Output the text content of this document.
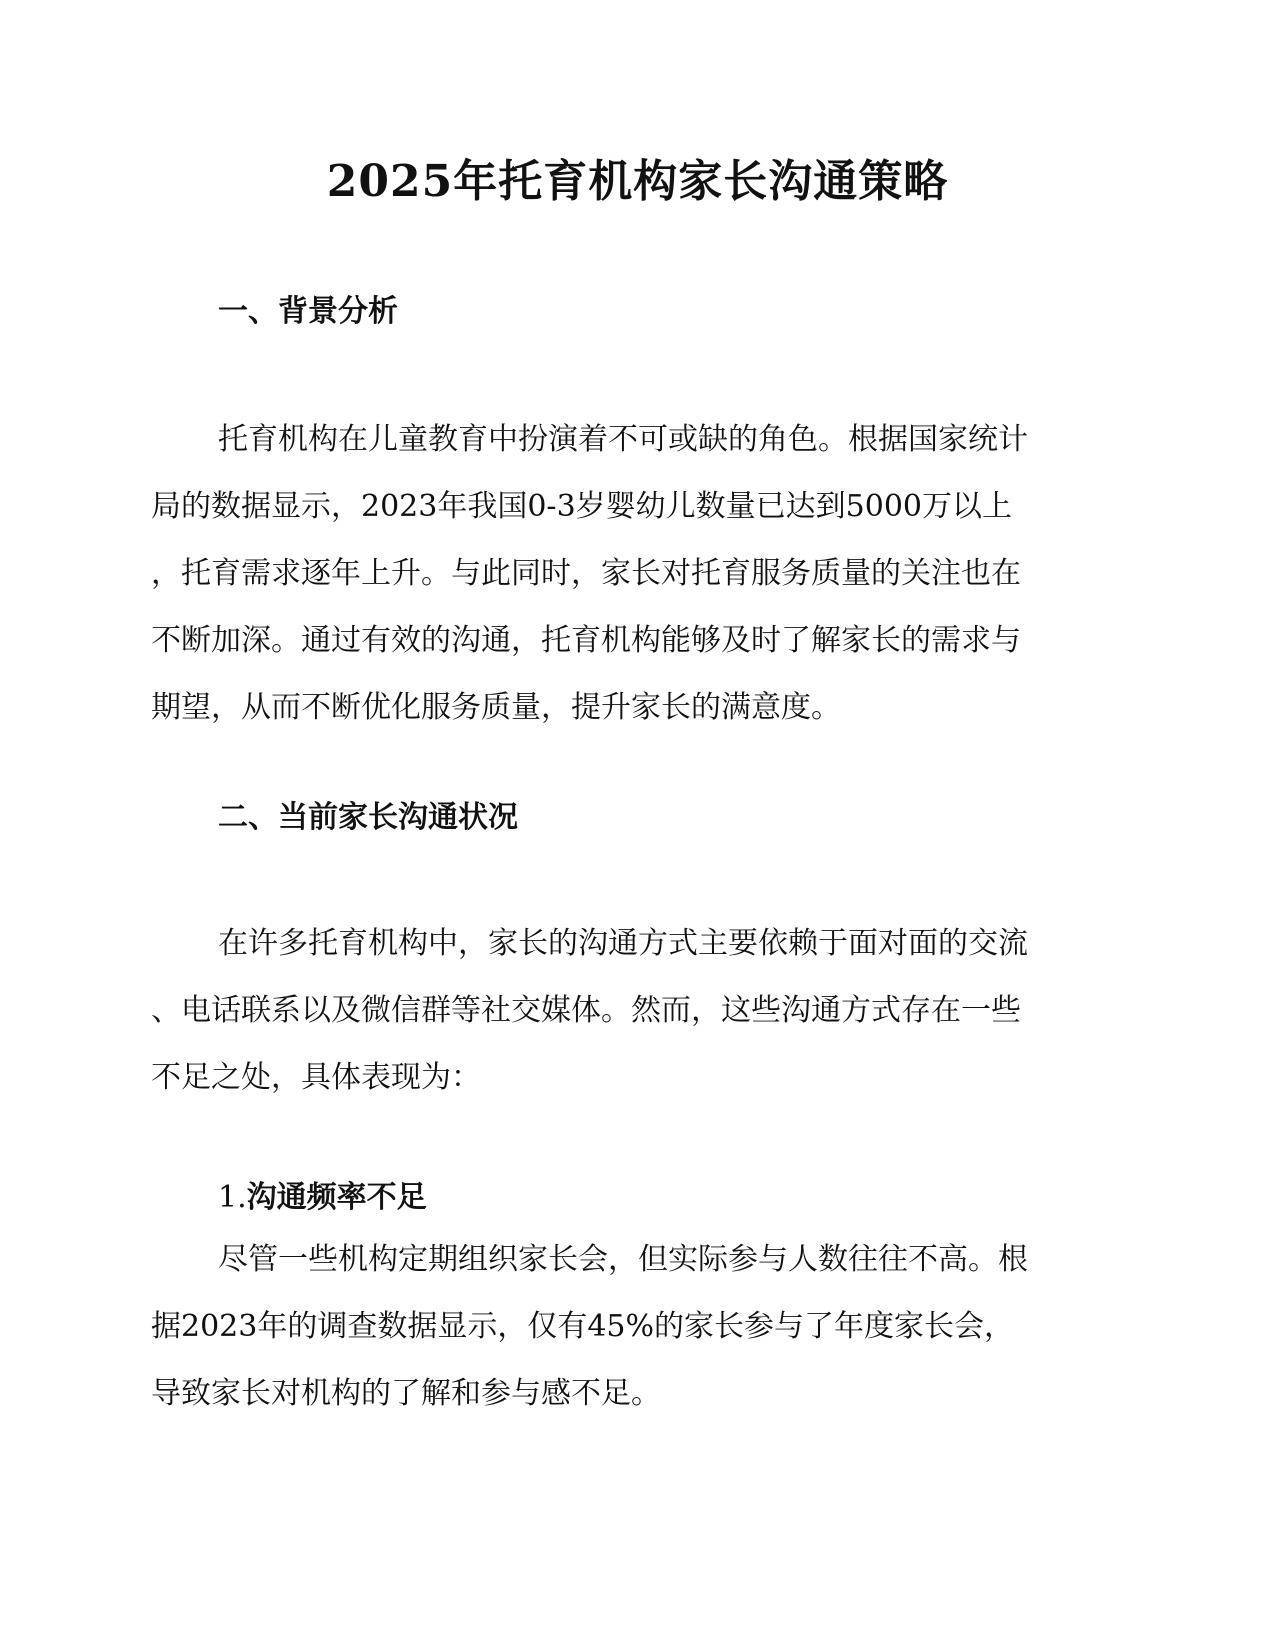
2025年托育机构家长沟通策略
一、背景分析
托育机构在儿童教育中扮演着不可或缺的角色。根据国家统计
局的数据显示，2023年我国0-3岁婴幼儿数量已达到5000万以上
，托育需求逐年上升。与此同时，家长对托育服务质量的关注也在
不断加深。通过有效的沟通，托育机构能够及时了解家长的需求与
期望，从而不断优化服务质量，提升家长的满意度。
二、当前家长沟通状况
在许多托育机构中，家长的沟通方式主要依赖于面对面的交流
、电话联系以及微信群等社交媒体。然而，这些沟通方式存在一些
不足之处，具体表现为：
1.沟通频率不足
尽管一些机构定期组织家长会，但实际参与人数往往不高。根
据2023年的调查数据显示，仅有45%的家长参与了年度家长会，
导致家长对机构的了解和参与感不足。
